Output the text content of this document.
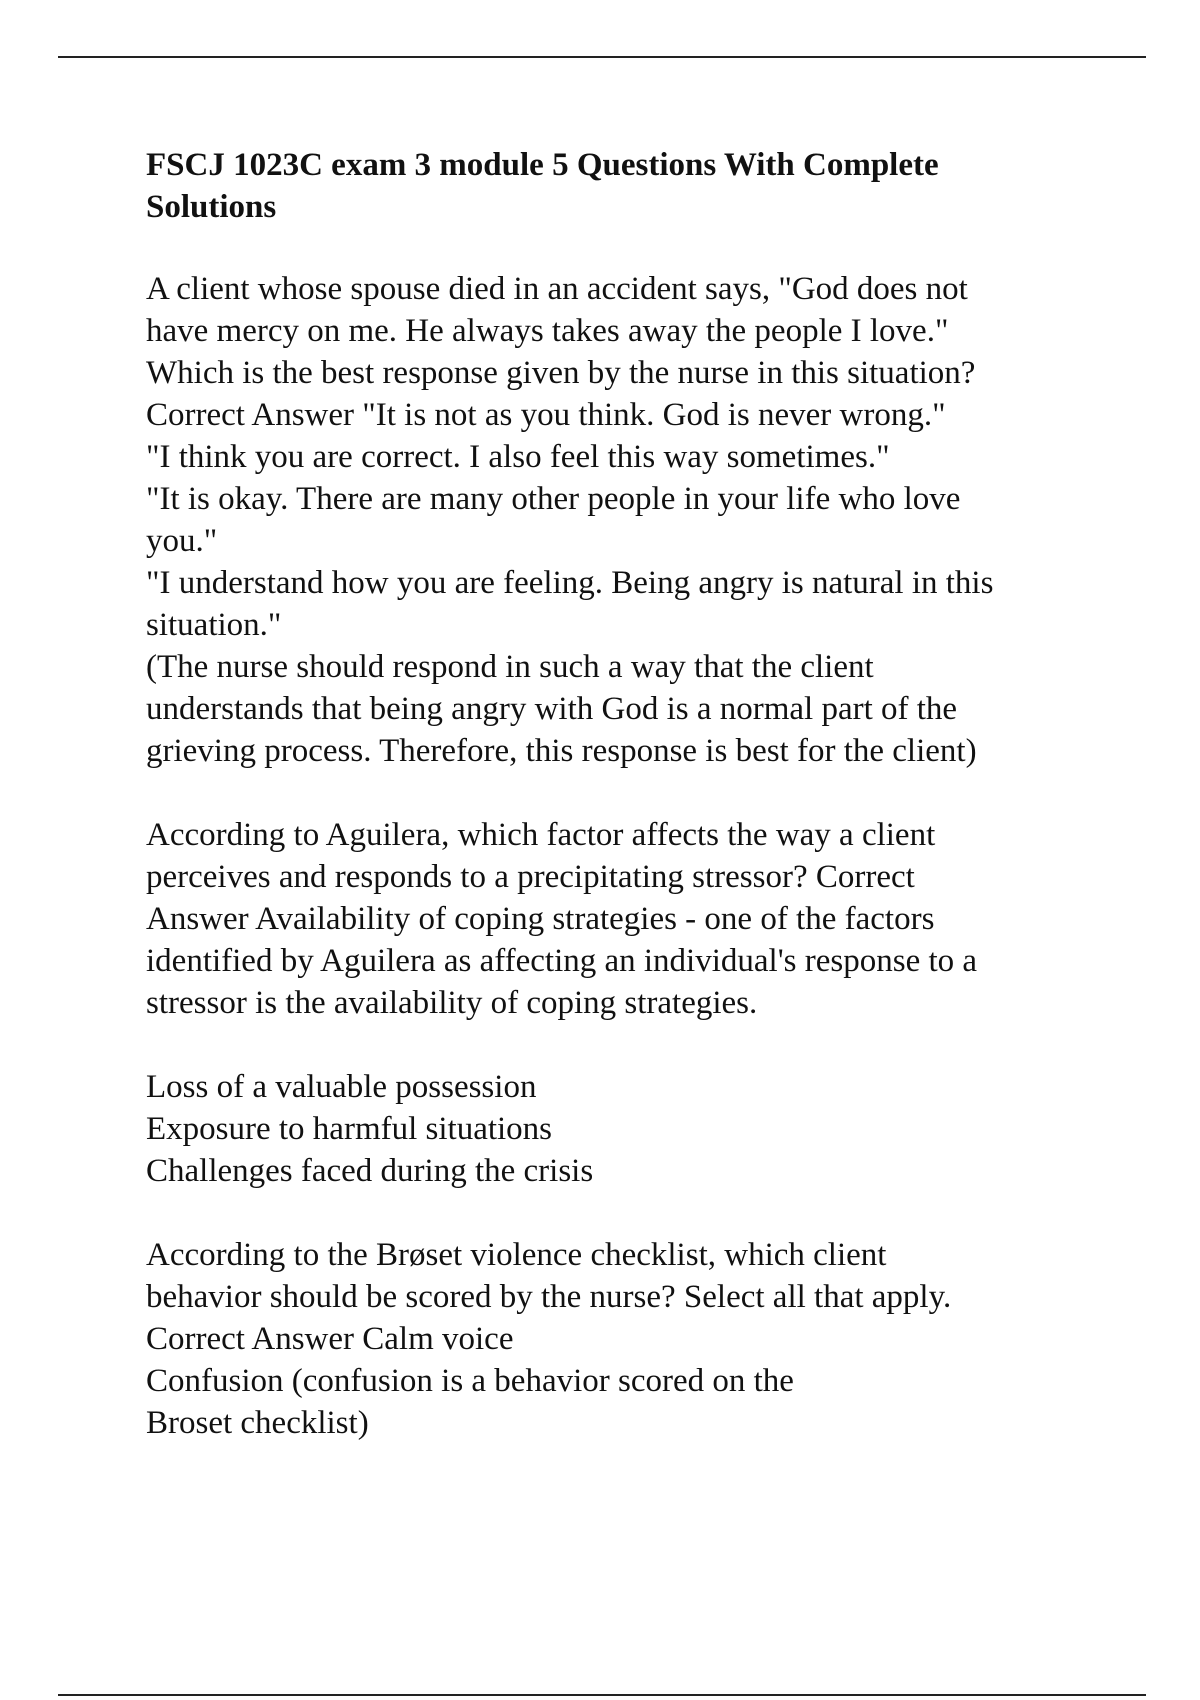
FSCJ 1023C exam 3 module 5 Questions With Complete
Solutions
A client whose spouse died in an accident says, "God does not
have mercy on me. He always takes away the people I love."
Which is the best response given by the nurse in this situation?
Correct Answer "It is not as you think. God is never wrong."
"I think you are correct. I also feel this way sometimes."
"It is okay. There are many other people in your life who love
you."
"I understand how you are feeling. Being angry is natural in this
situation."
(The nurse should respond in such a way that the client
understands that being angry with God is a normal part of the
grieving process. Therefore, this response is best for the client)
According to Aguilera, which factor affects the way a client
perceives and responds to a precipitating stressor? Correct
Answer Availability of coping strategies - one of the factors
identified by Aguilera as affecting an individual's response to a
stressor is the availability of coping strategies.
Loss of a valuable possession
Exposure to harmful situations
Challenges faced during the crisis
According to the Brøset violence checklist, which client
behavior should be scored by the nurse? Select all that apply.
Correct Answer Calm voice
Confusion (confusion is a behavior scored on the
Broset checklist)
